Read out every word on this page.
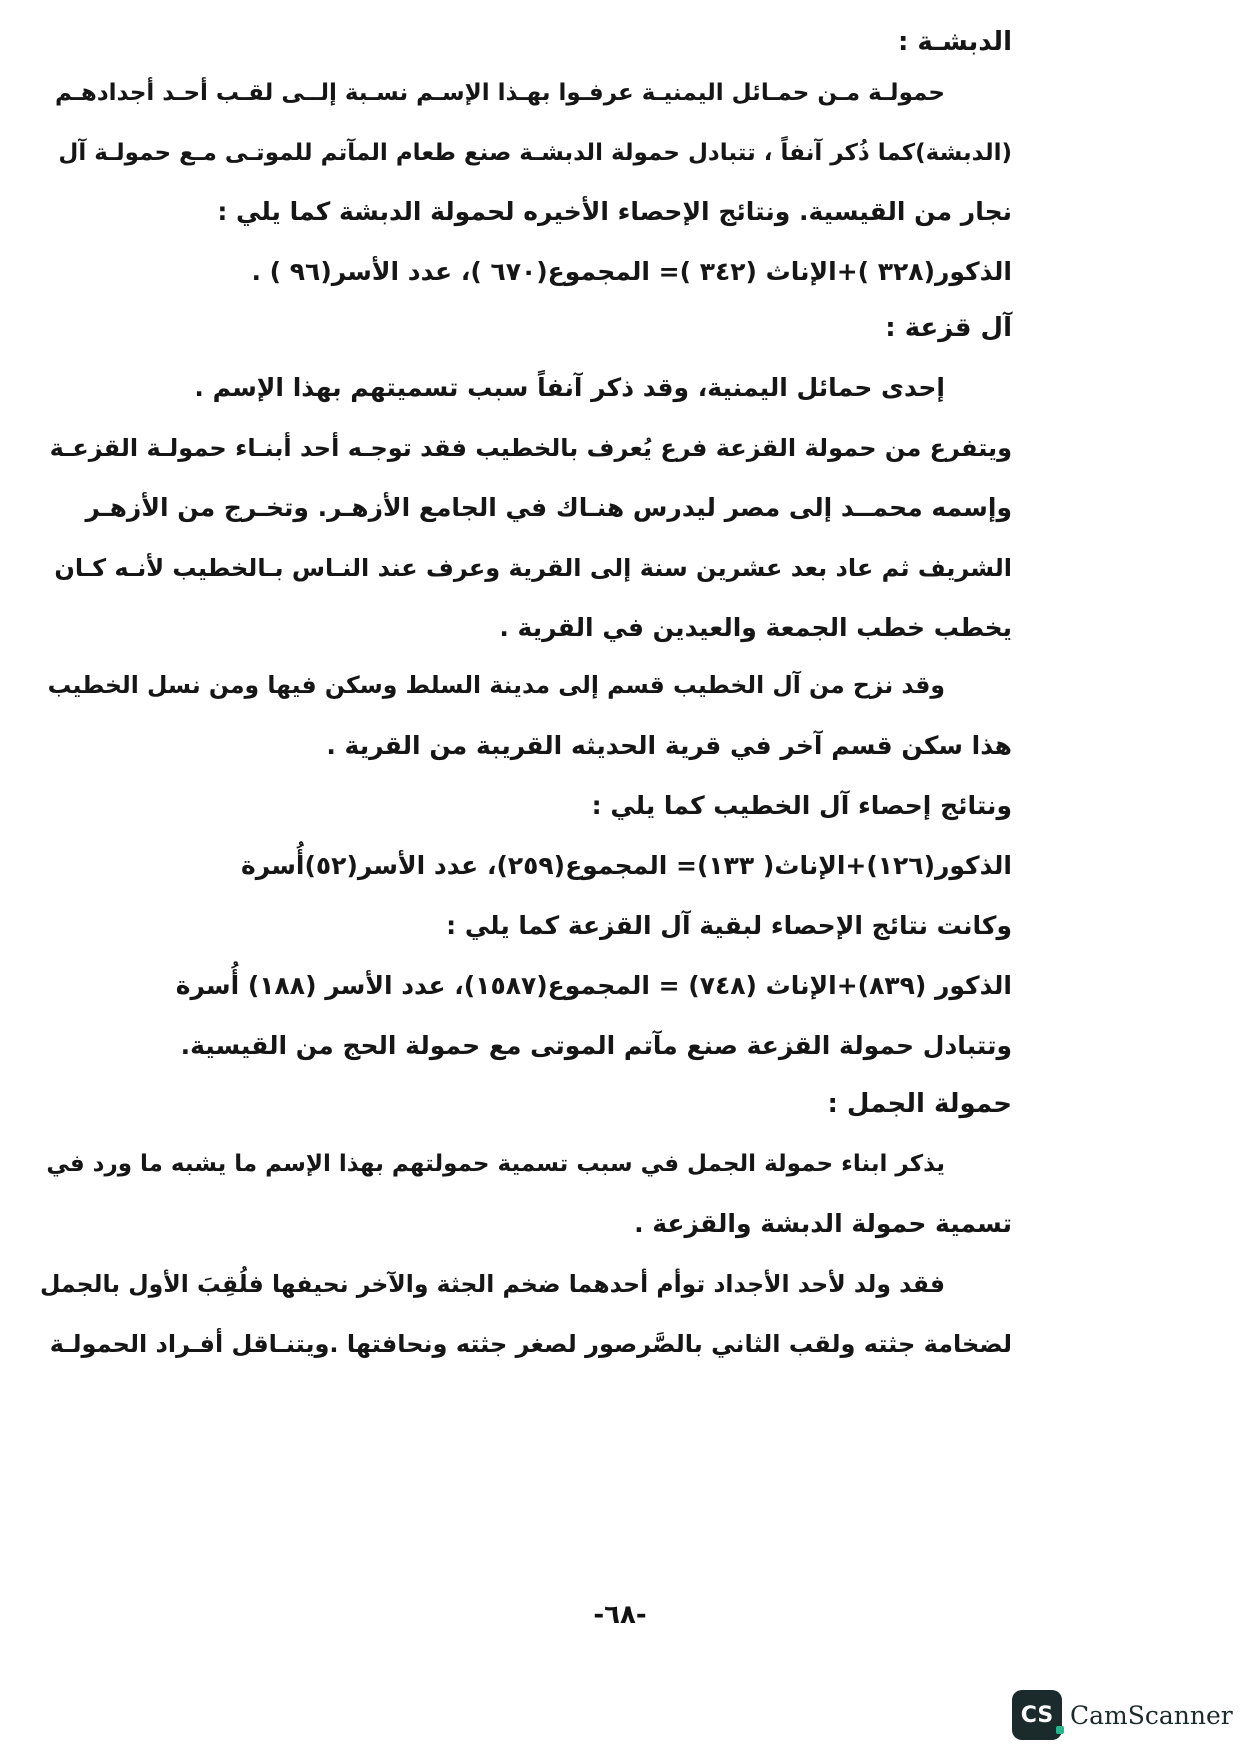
الدبشـة :
حمولـة مـن حمـائل اليمنيـة عرفـوا بهـذا الإسـم نسـبة إلــى لقـب أحـد أجدادهـم
(الدبشة)كما ذُكر آنفاً ، تتبادل حمولة الدبشـة صنع طعام المآتم للموتـى مـع حمولـة آل
نجار من القيسية. ونتائج الإحصاء الأخيره لحمولة الدبشة كما يلي :
الذكور(٣٢٨ )+الإناث (٣٤٢ )= المجموع(٦٧٠ )، عدد الأسر(٩٦ ) .
آل قزعة :
إحدى حمائل اليمنية، وقد ذكر آنفاً سبب تسميتهم بهذا الإسم .
ويتفرع من حمولة القزعة فرع يُعرف بالخطيب فقد توجـه أحد أبنـاء حمولـة القزعـة
وإسمه محمــد إلى مصر ليدرس هنـاك في الجامع الأزهـر. وتخـرج من الأزهـر
الشريف ثم عاد بعد عشرين سنة إلى القرية وعرف عند النـاس بـالخطيب لأنـه كـان
يخطب خطب الجمعة والعيدين في القرية .
وقد نزح من آل الخطيب قسم إلى مدينة السلط وسكن فيها ومن نسل الخطيب
هذا سكن قسم آخر في قرية الحديثه القريبة من القرية .
ونتائج إحصاء آل الخطيب كما يلي :
الذكور(١٢٦)+الإناث( ١٣٣)= المجموع(٢٥٩)، عدد الأسر(٥٢)أُسرة
وكانت نتائج الإحصاء لبقية آل القزعة كما يلي :
الذكور (٨٣٩)+الإناث (٧٤٨) = المجموع(١٥٨٧)، عدد الأسر (١٨٨) أُسرة
وتتبادل حمولة القزعة صنع مآتم الموتى مع حمولة الحج من القيسية.
حمولة الجمل :
يذكر ابناء حمولة الجمل في سبب تسمية حمولتهم بهذا الإسم ما يشبه ما ورد في
تسمية حمولة الدبشة والقزعة .
فقد ولد لأحد الأجداد توأم أحدهما ضخم الجثة والآخر نحيفها فلُقِبَ الأول بالجمل
لضخامة جثته ولقب الثاني بالصَّرصور لصغر جثته ونحافتها .ويتنـاقل أفـراد الحمولـة
-٦٨-
CS CamScanner
